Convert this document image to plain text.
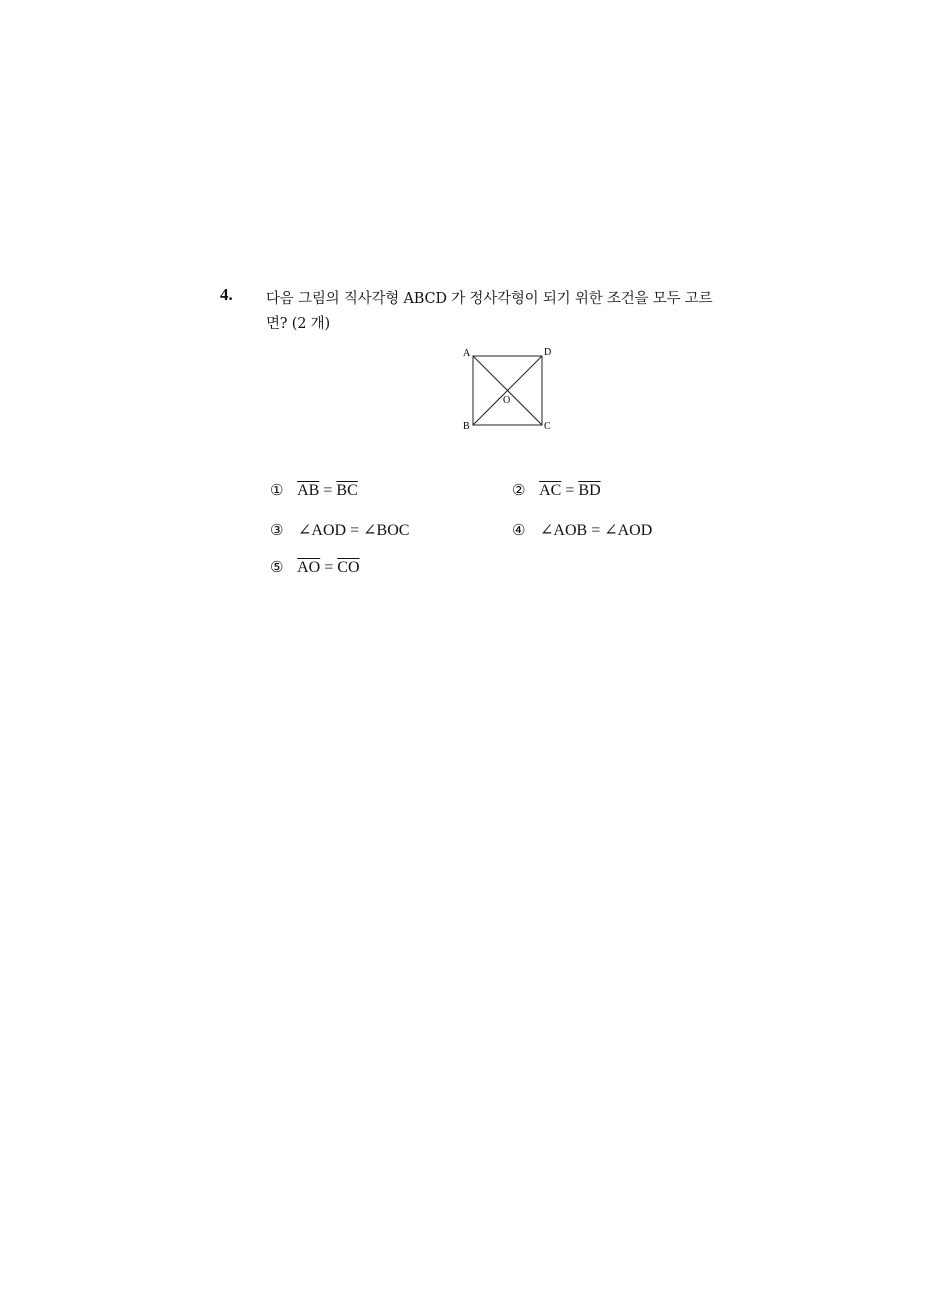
4. 다음 그림의 직사각형 ABCD 가 정사각형이 되기 위한 조건을 모두 고르
면? (2 개)
A	D
B	C
O
① $\overline{AB} = \overline{BC}$	② $\overline{AC} = \overline{BD}$
③ ∠AOD = ∠BOC	④ ∠AOB = ∠AOD
⑤ $\overline{AO} = \overline{CO}$
